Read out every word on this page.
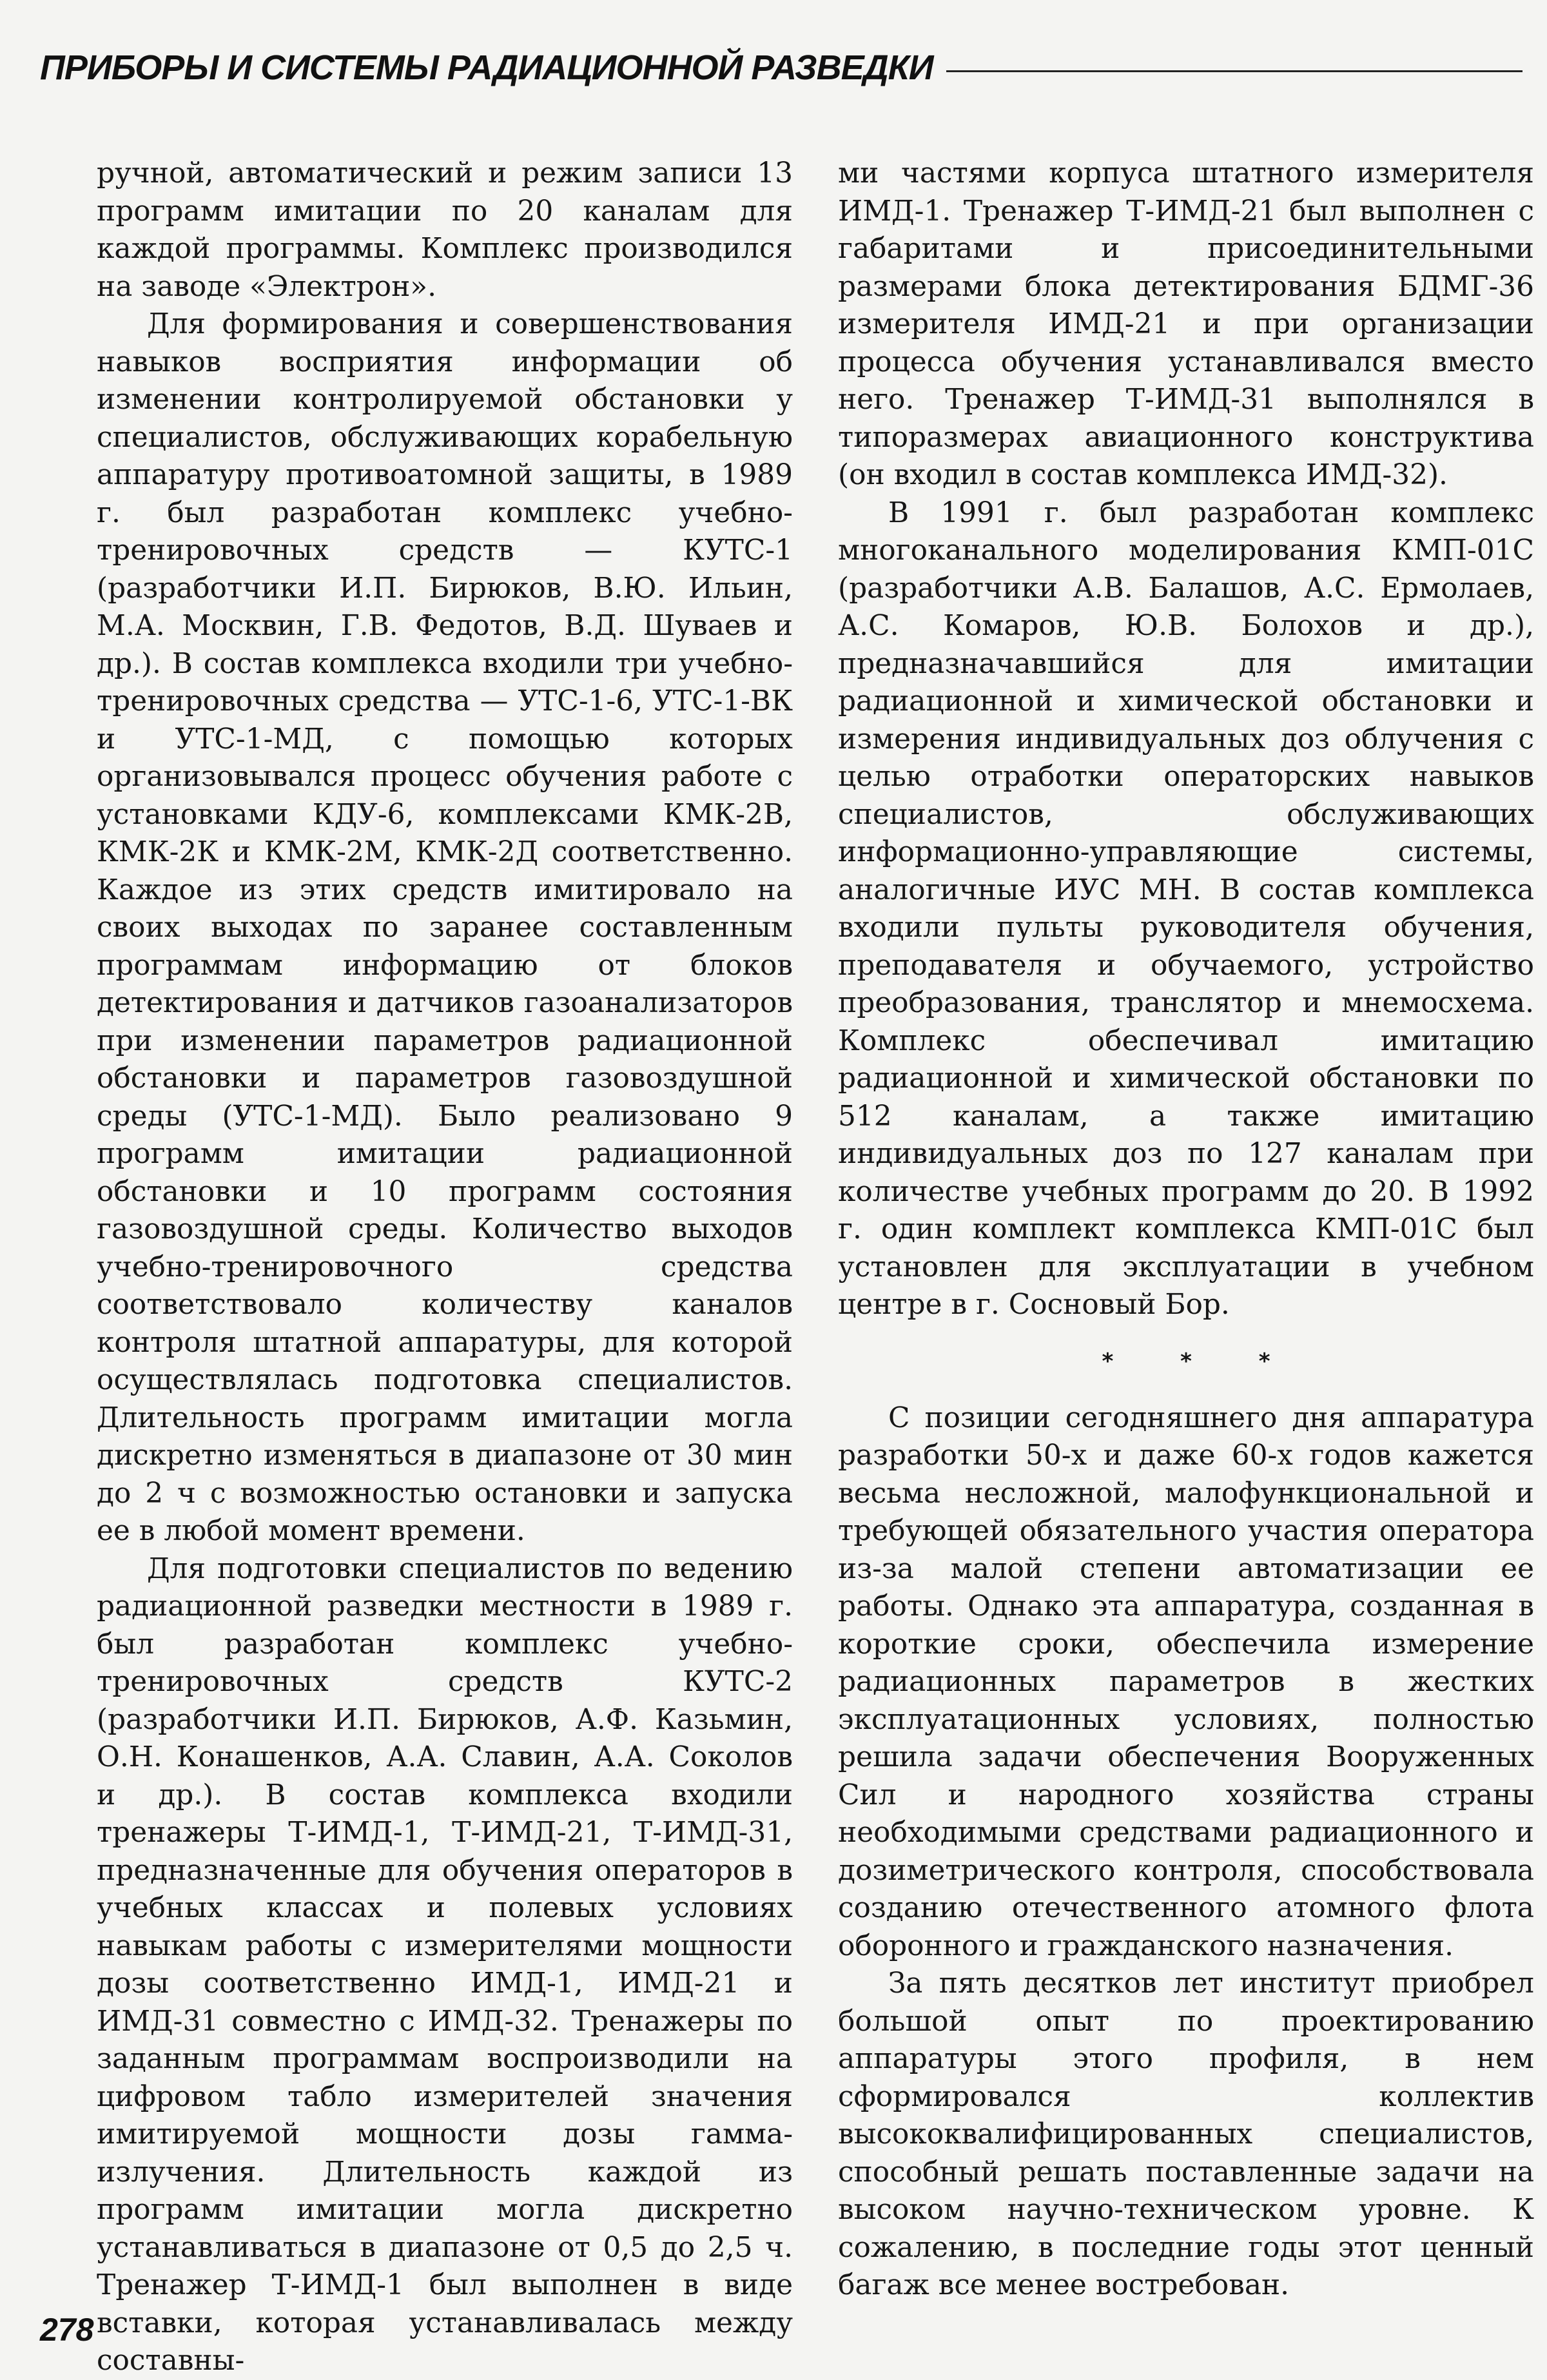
ПРИБОРЫ И СИСТЕМЫ РАДИАЦИОННОЙ РАЗВЕДКИ

ручной, автоматический и режим записи 13 программ имитации по 20 каналам для каждой программы. Комплекс производился на заводе «Электрон».

Для формирования и совершенствования навыков восприятия информации об изменении контролируемой обстановки у специалистов, обслуживающих корабельную аппаратуру противоатомной защиты, в 1989 г. был разработан комплекс учебно-тренировочных средств — КУТС-1 (разработчики И.П. Бирюков, В.Ю. Ильин, М.А. Москвин, Г.В. Федотов, В.Д. Шуваев и др.). В состав комплекса входили три учебно-тренировочных средства — УТС-1-6, УТС-1-ВК и УТС-1-МД, с помощью которых организовывался процесс обучения работе с установками КДУ-6, комплексами КМК-2В, КМК-2К и КМК-2М, КМК-2Д соответственно. Каждое из этих средств имитировало на своих выходах по заранее составленным программам информацию от блоков детектирования и датчиков газоанализаторов при изменении параметров радиационной обстановки и параметров газовоздушной среды (УТС-1-МД). Было реализовано 9 программ имитации радиационной обстановки и 10 программ состояния газовоздушной среды. Количество выходов учебно-тренировочного средства соответствовало количеству каналов контроля штатной аппаратуры, для которой осуществлялась подготовка специалистов. Длительность программ имитации могла дискретно изменяться в диапазоне от 30 мин до 2 ч с возможностью остановки и запуска ее в любой момент времени.

Для подготовки специалистов по ведению радиационной разведки местности в 1989 г. был разработан комплекс учебно-тренировочных средств КУТС-2 (разработчики И.П. Бирюков, А.Ф. Казьмин, О.Н. Конашенков, А.А. Славин, А.А. Соколов и др.). В состав комплекса входили тренажеры Т-ИМД-1, Т-ИМД-21, Т-ИМД-31, предназначенные для обучения операторов в учебных классах и полевых условиях навыкам работы с измерителями мощности дозы соответственно ИМД-1, ИМД-21 и ИМД-31 совместно с ИМД-32. Тренажеры по заданным программам воспроизводили на цифровом табло измерителей значения имитируемой мощности дозы гамма-излучения. Длительность каждой из программ имитации могла дискретно устанавливаться в диапазоне от 0,5 до 2,5 ч. Тренажер Т-ИМД-1 был выполнен в виде вставки, которая устанавливалась между составны-

ми частями корпуса штатного измерителя ИМД-1. Тренажер Т-ИМД-21 был выполнен с габаритами и присоединительными размерами блока детектирования БДМГ-36 измерителя ИМД-21 и при организации процесса обучения устанавливался вместо него. Тренажер Т-ИМД-31 выполнялся в типоразмерах авиационного конструктива (он входил в состав комплекса ИМД-32).

В 1991 г. был разработан комплекс многоканального моделирования КМП-01С (разработчики А.В. Балашов, А.С. Ермолаев, А.С. Комаров, Ю.В. Болохов и др.), предназначавшийся для имитации радиационной и химической обстановки и измерения индивидуальных доз облучения с целью отработки операторских навыков специалистов, обслуживающих информационно-управляющие системы, аналогичные ИУС МН. В состав комплекса входили пульты руководителя обучения, преподавателя и обучаемого, устройство преобразования, транслятор и мнемосхема. Комплекс обеспечивал имитацию радиационной и химической обстановки по 512 каналам, а также имитацию индивидуальных доз по 127 каналам при количестве учебных программ до 20. В 1992 г. один комплект комплекса КМП-01С был установлен для эксплуатации в учебном центре в г. Сосновый Бор.

* * *

С позиции сегодняшнего дня аппаратура разработки 50-х и даже 60-х годов кажется весьма несложной, малофункциональной и требующей обязательного участия оператора из-за малой степени автоматизации ее работы. Однако эта аппаратура, созданная в короткие сроки, обеспечила измерение радиационных параметров в жестких эксплуатационных условиях, полностью решила задачи обеспечения Вооруженных Сил и народного хозяйства страны необходимыми средствами радиационного и дозиметрического контроля, способствовала созданию отечественного атомного флота оборонного и гражданского назначения.

За пять десятков лет институт приобрел большой опыт по проектированию аппаратуры этого профиля, в нем сформировался коллектив высококвалифицированных специалистов, способный решать поставленные задачи на высоком научно-техническом уровне. К сожалению, в последние годы этот ценный багаж все менее востребован.

278
